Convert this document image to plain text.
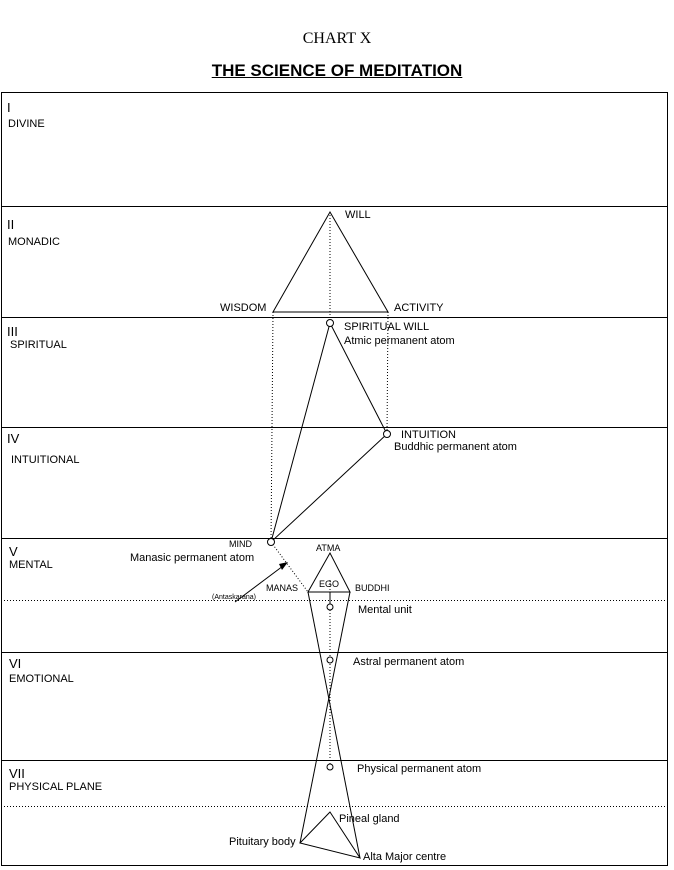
CHART X
THE SCIENCE OF MEDITATION
I
DIVINE
II
MONADIC
III
SPIRITUAL
IV
INTUITIONAL
V
MENTAL
VI
EMOTIONAL
VII
PHYSICAL PLANE
WILL
WISDOM	ACTIVITY
SPIRITUAL WILL
Atmic permanent atom
INTUITION
Buddhic permanent atom
MIND
Manasic permanent atom
(Antaskarana)
MANAS
ATMA
EGO BUDDHI
Mental unit
Astral permanent atom
Physical permanent atom
Pineal gland
Pituitary body
Alta Major centre
